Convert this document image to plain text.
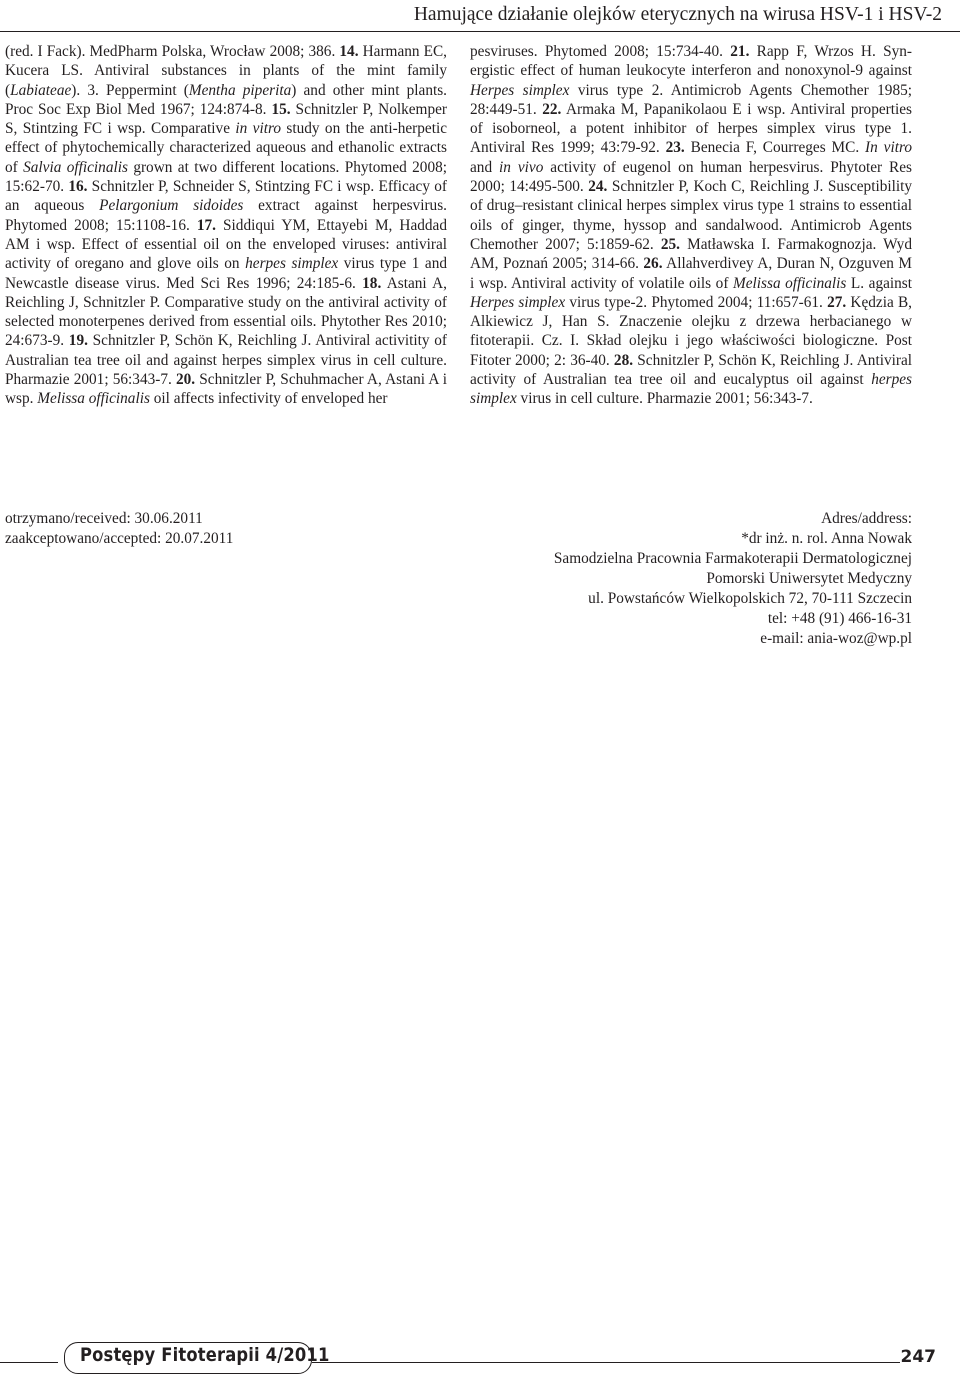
Hamujące działanie olejków eterycznych na wirusa HSV-1 i HSV-2
(red. I Fack). MedPharm Polska, Wrocław 2008; 386. 14. Harmann EC, Kucera LS. Antiviral substances in plants of the mint family (Labiateae). 3. Peppermint (Mentha piperita) and other mint plants. Proc Soc Exp Biol Med 1967; 124:874-8. 15. Schnitzler P, Nolkemper S, Stintzing FC i wsp. Comparative in vitro study on the anti-herpetic effect of phytochemically characterized aqueous and ethanolic extracts of Salvia officinalis grown at two different locations. Phytomed 2008; 15:62-70. 16. Schnitzler P, Schneider S, Stintzing FC i wsp. Efficacy of an aqueous Pelargonium sidoides extract against herpesvirus. Phytomed 2008; 15:1108-16. 17. Siddiqui YM, Ettayebi M, Haddad AM i wsp. Effect of essential oil on the enveloped viruses: antiviral activity of oregano and glove oils on herpes simplex virus type 1 and Newcastle disease virus. Med Sci Res 1996; 24:185-6. 18. Astani A, Reichling J, Schnitzler P. Comparative study on the antiviral activity of selected monoterpenes derived from essential oils. Phytother Res 2010; 24:673-9. 19. Schnitzler P, Schön K, Reichling J. Antiviral activitity of Australian tea tree oil and against herpes simplex virus in cell culture. Pharmazie 2001; 56:343-7. 20. Schnitzler P, Schuhmacher A, Astani A i wsp. Melissa officinalis oil affects infectivity of enveloped her
pesviruses. Phytomed 2008; 15:734-40. 21. Rapp F, Wrzos H. Synergistic effect of human leukocyte interferon and nonoxynol-9 against Herpes simplex virus type 2. Antimicrob Agents Chemother 1985; 28:449-51. 22. Armaka M, Papanikolaou E i wsp. Antiviral properties of isoborneol, a potent inhibitor of herpes simplex virus type 1. Antiviral Res 1999; 43:79-92. 23. Benecia F, Courreges MC. In vitro and in vivo activity of eugenol on human herpesvirus. Phytoter Res 2000; 14:495-500. 24. Schnitzler P, Koch C, Reichling J. Susceptibility of drug–resistant clinical herpes simplex virus type 1 strains to essential oils of ginger, thyme, hyssop and sandalwood. Antimicrob Agents Chemother 2007; 5:1859-62. 25. Matławska I. Farmakognozja. Wyd AM, Poznań 2005; 314-66. 26. Allahverdivey A, Duran N, Ozguven M i wsp. Antiviral activity of volatile oils of Melissa officinalis L. against Herpes simplex virus type-2. Phytomed 2004; 11:657-61. 27. Kędzia B, Alkiewicz J, Han S. Znaczenie olejku z drzewa herbacianego w fitoterapii. Cz. I. Skład olejku i jego właściwości biologiczne. Post Fitoter 2000; 2: 36-40. 28. Schnitzler P, Schön K, Reichling J. Antiviral activity of Australian tea tree oil and eucalyptus oil against herpes simplex virus in cell culture. Pharmazie 2001; 56:343-7.
otrzymano/received: 30.06.2011
zaakceptowano/accepted: 20.07.2011
Adres/address:
*dr inż. n. rol. Anna Nowak
Samodzielna Pracownia Farmakoterapii Dermatologicznej
Pomorski Uniwersytet Medyczny
ul. Powstańców Wielkopolskich 72, 70-111 Szczecin
tel: +48 (91) 466-16-31
e-mail: ania-woz@wp.pl
Postępy Fitoterapii 4/2011	247
